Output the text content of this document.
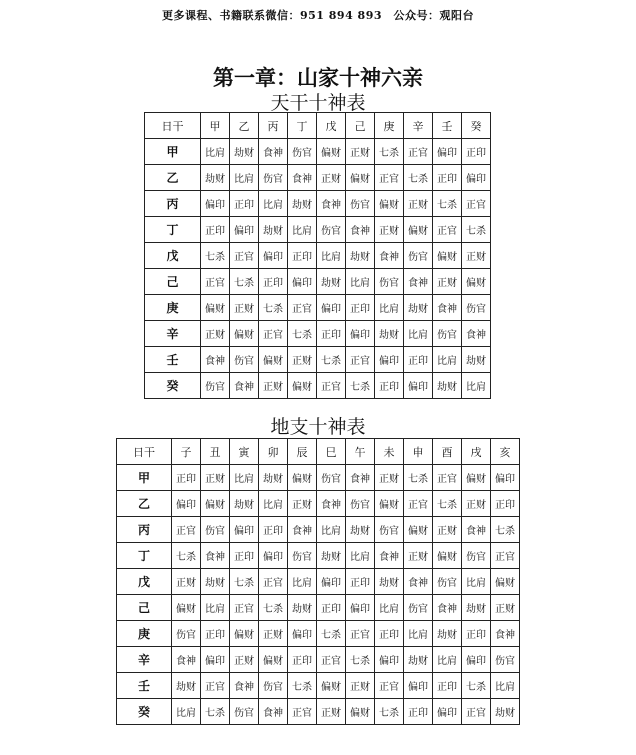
更多课程、书籍联系微信：951 894 893　公众号：观阳台
第一章：山家十神六亲
天干十神表
日干	甲	乙	丙	丁	戊	己	庚	辛	壬	癸
甲	比肩	劫财	食神	伤官	偏财	正财	七杀	正官	偏印	正印
乙	劫财	比肩	伤官	食神	正财	偏财	正官	七杀	正印	偏印
丙	偏印	正印	比肩	劫财	食神	伤官	偏财	正财	七杀	正官
丁	正印	偏印	劫财	比肩	伤官	食神	正财	偏财	正官	七杀
戊	七杀	正官	偏印	正印	比肩	劫财	食神	伤官	偏财	正财
己	正官	七杀	正印	偏印	劫财	比肩	伤官	食神	正财	偏财
庚	偏财	正财	七杀	正官	偏印	正印	比肩	劫财	食神	伤官
辛	正财	偏财	正官	七杀	正印	偏印	劫财	比肩	伤官	食神
壬	食神	伤官	偏财	正财	七杀	正官	偏印	正印	比肩	劫财
癸	伤官	食神	正财	偏财	正官	七杀	正印	偏印	劫财	比肩
地支十神表
日干	子	丑	寅	卯	辰	巳	午	未	申	酉	戌	亥
甲	正印	正财	比肩	劫财	偏财	伤官	食神	正财	七杀	正官	偏财	偏印
乙	偏印	偏财	劫财	比肩	正财	食神	伤官	偏财	正官	七杀	正财	正印
丙	正官	伤官	偏印	正印	食神	比肩	劫财	伤官	偏财	正财	食神	七杀
丁	七杀	食神	正印	偏印	伤官	劫财	比肩	食神	正财	偏财	伤官	正官
戊	正财	劫财	七杀	正官	比肩	偏印	正印	劫财	食神	伤官	比肩	偏财
己	偏财	比肩	正官	七杀	劫财	正印	偏印	比肩	伤官	食神	劫财	正财
庚	伤官	正印	偏财	正财	偏印	七杀	正官	正印	比肩	劫财	正印	食神
辛	食神	偏印	正财	偏财	正印	正官	七杀	偏印	劫财	比肩	偏印	伤官
壬	劫财	正官	食神	伤官	七杀	偏财	正财	正官	偏印	正印	七杀	比肩
癸	比肩	七杀	伤官	食神	正官	正财	偏财	七杀	正印	偏印	正官	劫财
